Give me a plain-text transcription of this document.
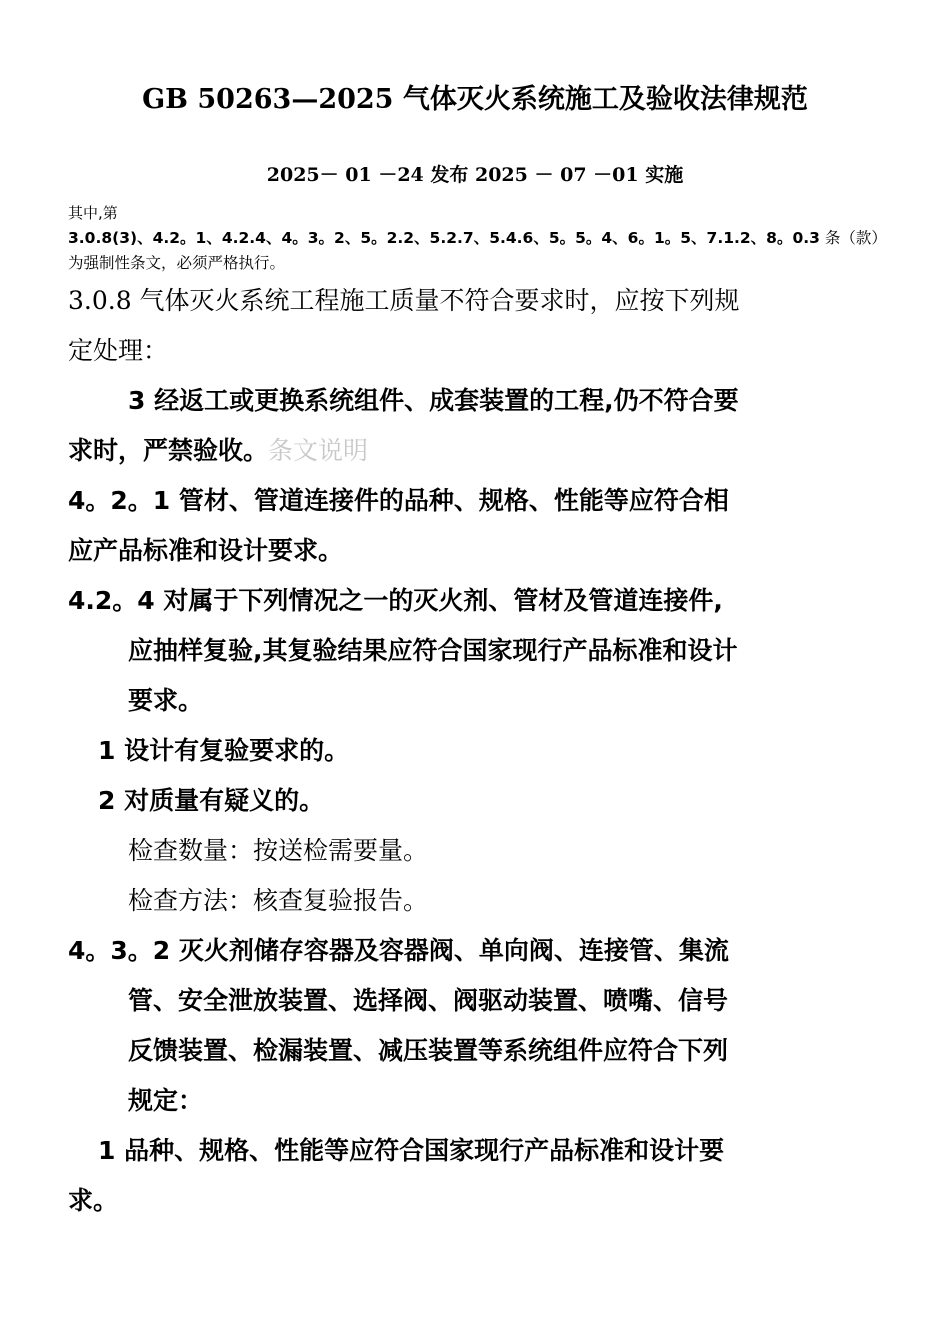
GB 50263—2025 气体灭火系统施工及验收法律规范
2025－ 01 －24 发布 2025 － 07 －01 实施
其中,第
3.0.8(3)、4.2。1、4.2.4、4。3。2、5。2.2、5.2.7、5.4.6、5。5。4、6。1。5、7.1.2、8。0.3 条（款）为强制性条文，必须严格执行。
3.0.8 气体灭火系统工程施工质量不符合要求时，应按下列规
定处理：
3 经返工或更换系统组件、成套装置的工程,仍不符合要
求时，严禁验收。条文说明
4。2。1 管材、管道连接件的品种、规格、性能等应符合相
应产品标准和设计要求。
4.2。4 对属于下列情况之一的灭火剂、管材及管道连接件,
应抽样复验,其复验结果应符合国家现行产品标准和设计
要求。
1 设计有复验要求的。
2 对质量有疑义的。
检查数量：按送检需要量。
检查方法：核查复验报告。
4。3。2 灭火剂储存容器及容器阀、单向阀、连接管、集流
管、安全泄放装置、选择阀、阀驱动装置、喷嘴、信号
反馈装置、检漏装置、减压装置等系统组件应符合下列
规定：
1 品种、规格、性能等应符合国家现行产品标准和设计要
求。
